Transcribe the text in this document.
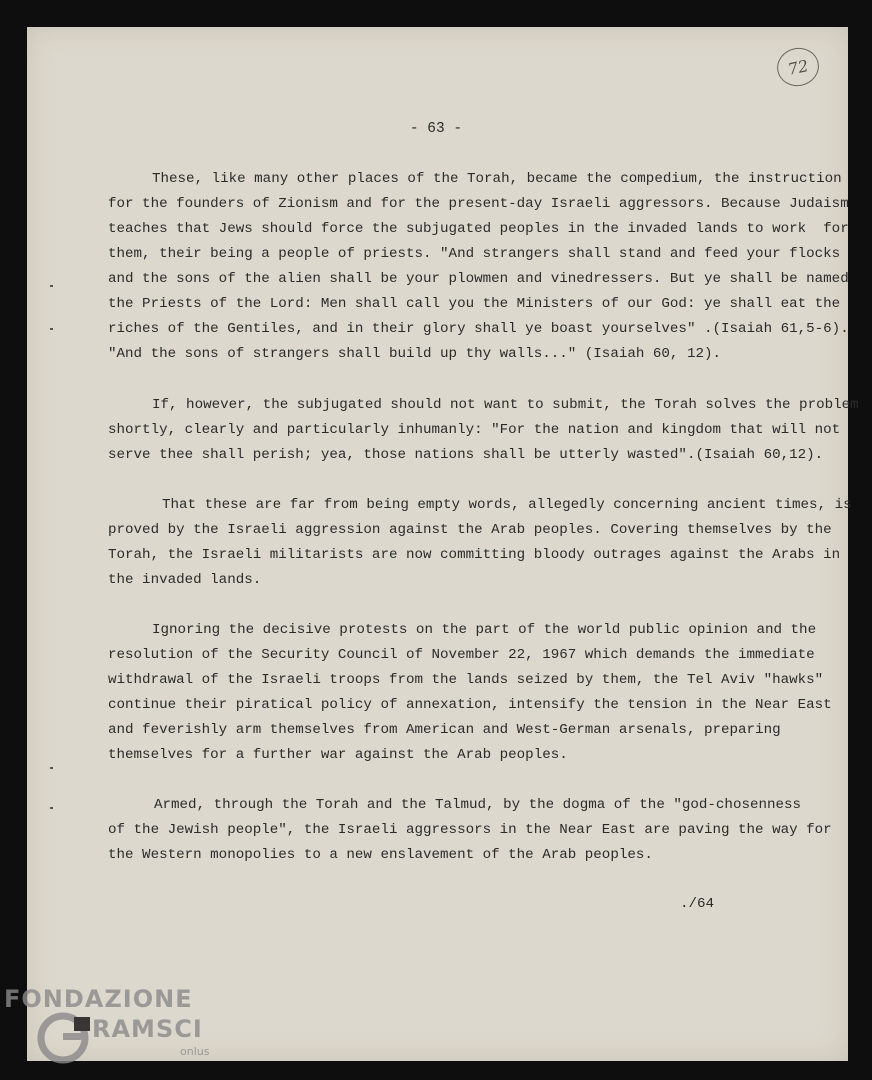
72
- 63 -
These, like many other places of the Torah, became the compedium, the instruction
for the founders of Zionism and for the present-day Israeli aggressors. Because Judaism
teaches that Jews should force the subjugated peoples in the invaded lands to work  for
them, their being a people of priests. "And strangers shall stand and feed your flocks
and the sons of the alien shall be your plowmen and vinedressers. But ye shall be named
the Priests of the Lord: Men shall call you the Ministers of our God: ye shall eat the
riches of the Gentiles, and in their glory shall ye boast yourselves" .(Isaiah 61,5-6).
"And the sons of strangers shall build up thy walls..." (Isaiah 60, 12).
If, however, the subjugated should not want to submit, the Torah solves the problem
shortly, clearly and particularly inhumanly: "For the nation and kingdom that will not
serve thee shall perish; yea, those nations shall be utterly wasted".(Isaiah 60,12).
That these are far from being empty words, allegedly concerning ancient times, is
proved by the Israeli aggression against the Arab peoples. Covering themselves by the
Torah, the Israeli militarists are now committing bloody outrages against the Arabs in
the invaded lands.
Ignoring the decisive protests on the part of the world public opinion and the
resolution of the Security Council of November 22, 1967 which demands the immediate
withdrawal of the Israeli troops from the lands seized by them, the Tel Aviv "hawks"
continue their piratical policy of annexation, intensify the tension in the Near East
and feverishly arm themselves from American and West-German arsenals, preparing
themselves for a further war against the Arab peoples.
Armed, through the Torah and the Talmud, by the dogma of the "god-chosenness
of the Jewish people", the Israeli aggressors in the Near East are paving the way for
the Western monopolies to a new enslavement of the Arab peoples.
./64
FONDAZIONE
RAMSCI
onlus
